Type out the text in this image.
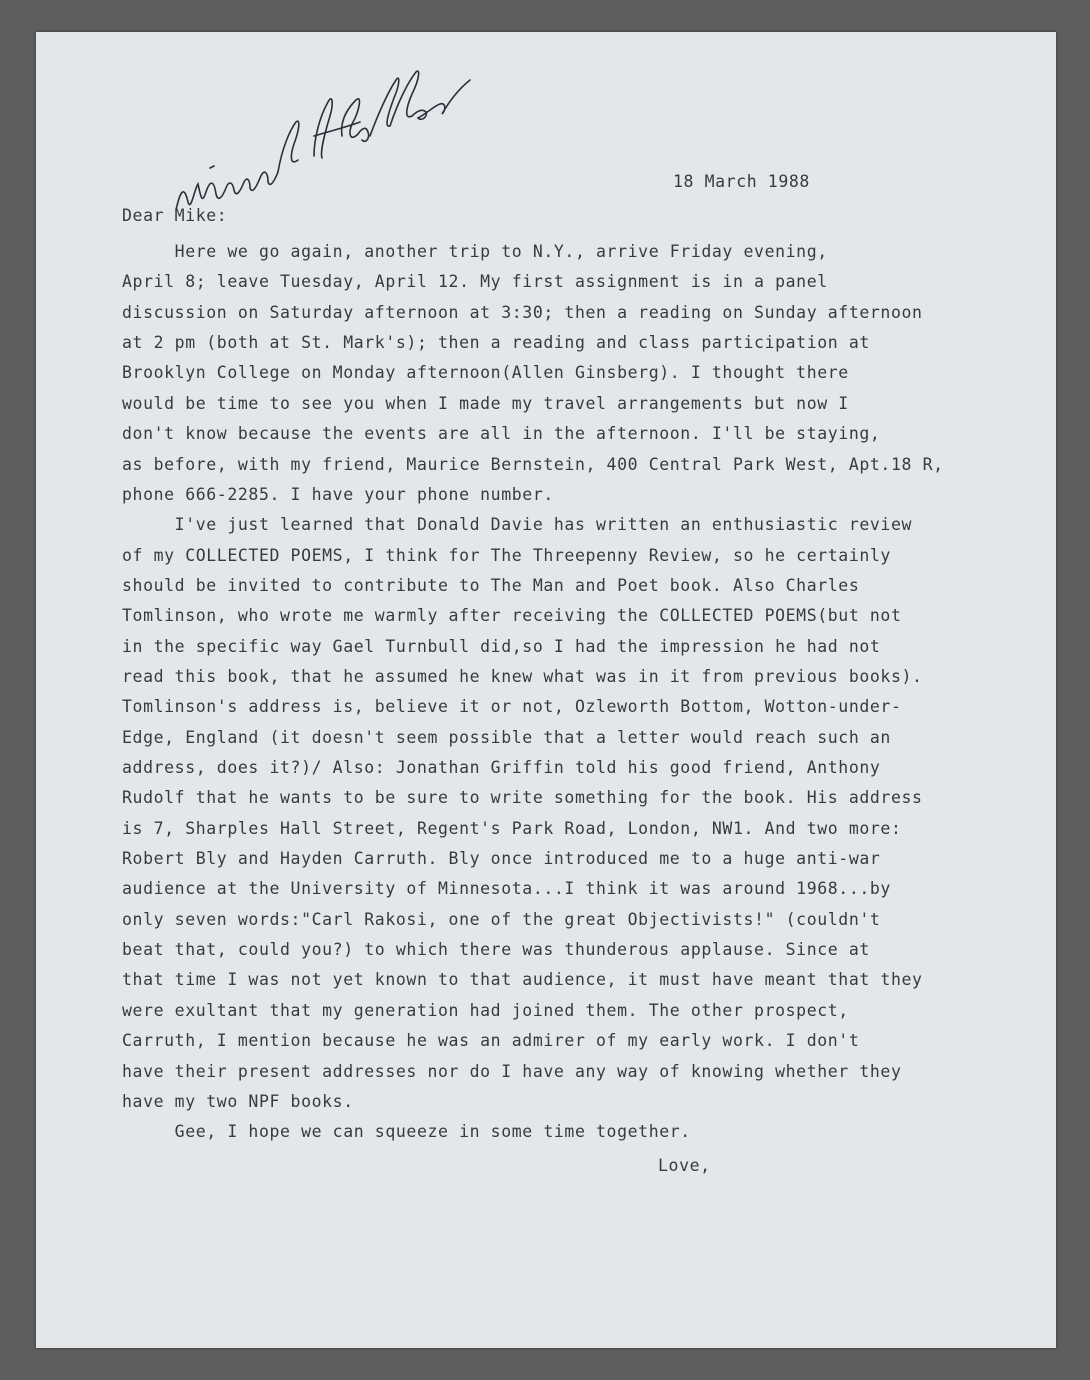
18 March 1988

Dear Mike:

Here we go again, another trip to N.Y., arrive Friday evening,

April 8; leave Tuesday, April 12. My first assignment is in a panel

discussion on Saturday afternoon at 3:30; then a reading on Sunday afternoon

at 2 pm (both at St. Mark's); then a reading and class participation at

Brooklyn College on Monday afternoon(Allen Ginsberg). I thought there

would be time to see you when I made my travel arrangements but now I

don't know because the events are all in the afternoon. I'll be staying,

as before, with my friend, Maurice Bernstein, 400 Central Park West, Apt.18 R,

phone 666-2285. I have your phone number.

I've just learned that Donald Davie has written an enthusiastic review

of my COLLECTED POEMS, I think for The Threepenny Review, so he certainly

should be invited to contribute to The Man and Poet book. Also Charles

Tomlinson, who wrote me warmly after receiving the COLLECTED POEMS(but not

in the specific way Gael Turnbull did,so I had the impression he had not

read this book, that he assumed he knew what was in it from previous books).

Tomlinson's address is, believe it or not, Ozleworth Bottom, Wotton-under-

Edge, England (it doesn't seem possible that a letter would reach such an

address, does it?)/ Also: Jonathan Griffin told his good friend, Anthony

Rudolf that he wants to be sure to write something for the book. His address

is 7, Sharples Hall Street, Regent's Park Road, London, NW1. And two more:

Robert Bly and Hayden Carruth. Bly once introduced me to a huge anti-war

audience at the University of Minnesota...I think it was around 1968...by

only seven words:"Carl Rakosi, one of the great Objectivists!" (couldn't

beat that, could you?) to which there was thunderous applause. Since at

that time I was not yet known to that audience, it must have meant that they

were exultant that my generation had joined them. The other prospect,

Carruth, I mention because he was an admirer of my early work. I don't

have their present addresses nor do I have any way of knowing whether they

have my two NPF books.

Gee, I hope we can squeeze in some time together.

Love,
